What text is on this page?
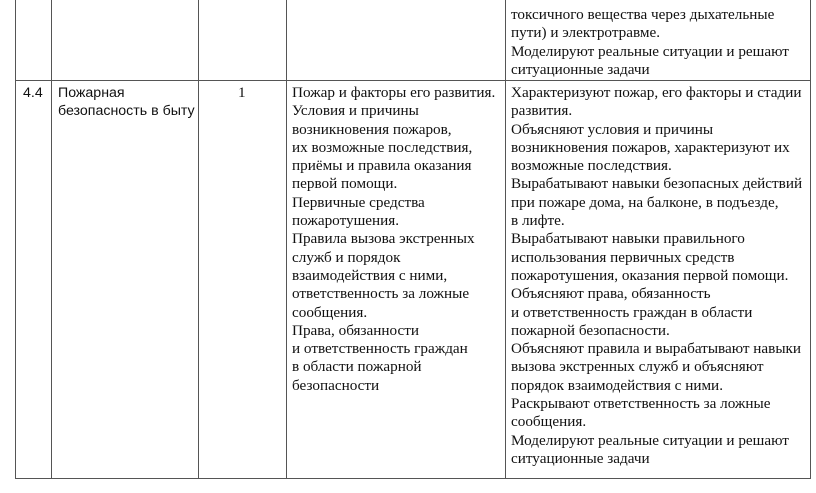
токсичного вещества через дыхательные
пути) и электротравме.
Моделируют реальные ситуации и решают
ситуационные задачи
4.4 Пожарная
безопасность в быту
1	Пожар и факторы его развития.
Условия и причины
возникновения пожаров,
их возможные последствия,
приёмы и правила оказания
первой помощи.
Первичные средства
пожаротушения.
Правила вызова экстренных
служб и порядок
взаимодействия с ними,
ответственность за ложные
сообщения.
Права, обязанности
и ответственность граждан
в области пожарной
безопасности
Характеризуют пожар, его факторы и стадии
развития.
Объясняют условия и причины
возникновения пожаров, характеризуют их
возможные последствия.
Вырабатывают навыки безопасных действий
при пожаре дома, на балконе, в подъезде,
в лифте.
Вырабатывают навыки правильного
использования первичных средств
пожаротушения, оказания первой помощи.
Объясняют права, обязанность
и ответственность граждан в области
пожарной безопасности.
Объясняют правила и вырабатывают навыки
вызова экстренных служб и объясняют
порядок взаимодействия с ними.
Раскрывают ответственность за ложные
сообщения.
Моделируют реальные ситуации и решают
ситуационные задачи
